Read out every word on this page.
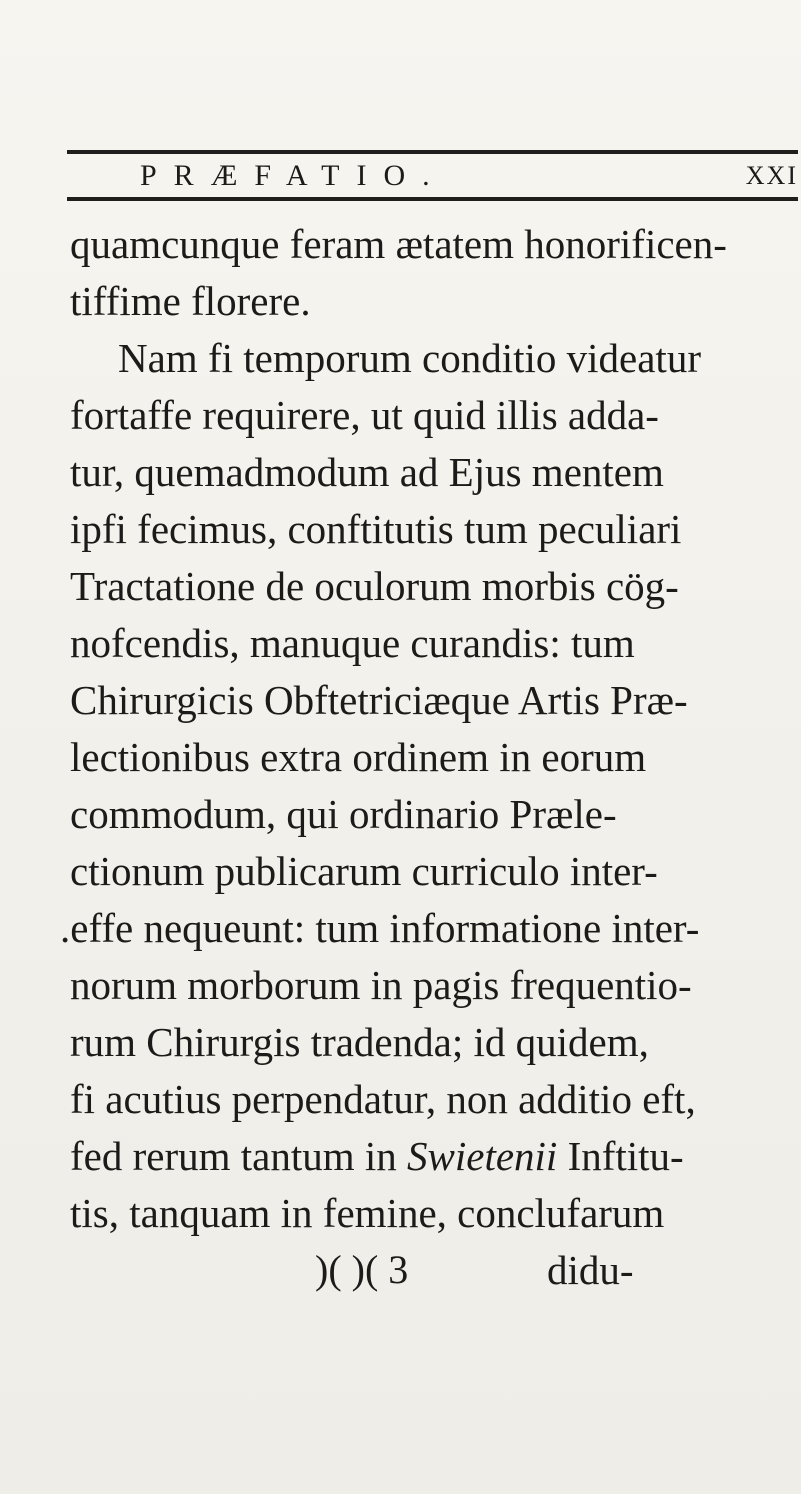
PRÆFATIO.	XXI
quamcunque feram ætatem honorificen-
tiffime florere.
Nam fi temporum conditio videatur
fortaffe requirere, ut quid illis adda-
tur, quemadmodum ad Ejus mentem
ipfi fecimus, conftitutis tum peculiari
Tractatione de oculorum morbis cög-
nofcendis, manuque curandis: tum
Chirurgicis Obftetriciæque Artis Præ-
lectionibus extra ordinem in eorum
commodum, qui ordinario Præle-
ctionum publicarum curriculo inter-
.effe nequeunt: tum informatione inter-
norum morborum in pagis frequentio-
rum Chirurgis tradenda; id quidem,
fi acutius perpendatur, non additio eft,
fed rerum tantum in Swietenii Inftitu-
tis, tanquam in femine, conclufarum
)( )( 3	didu-
